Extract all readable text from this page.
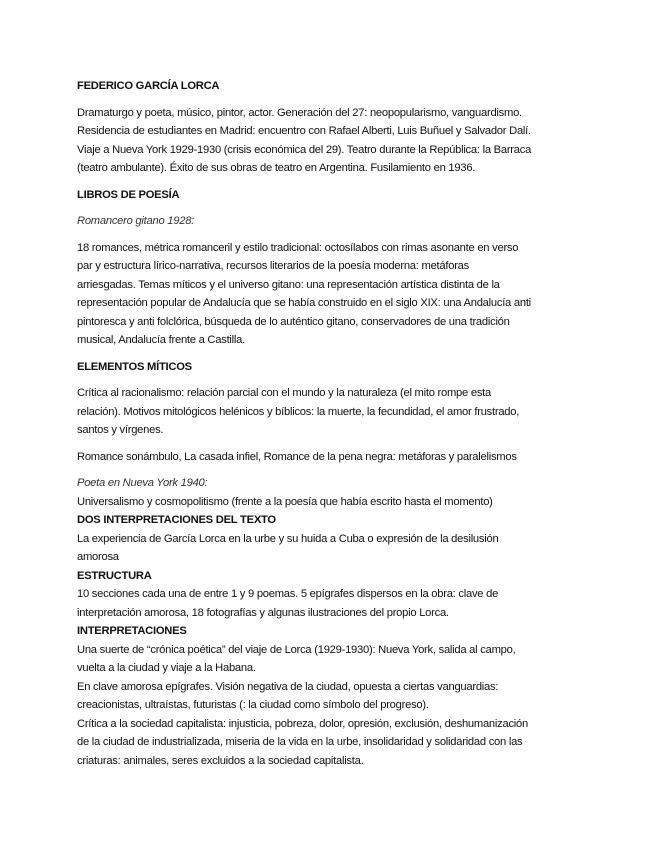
FEDERICO GARCÍA LORCA

Dramaturgo y poeta, músico, pintor, actor. Generación del 27: neopopularismo, vanguardismo.

Residencia de estudiantes en Madrid: encuentro con Rafael Alberti, Luis Buñuel y Salvador Dalí.

Viaje a Nueva York 1929-1930 (crisis económica del 29). Teatro durante la República: la Barraca

(teatro ambulante). Éxito de sus obras de teatro en Argentina. Fusilamiento en 1936.

LIBROS DE POESÍA

Romancero gitano 1928:

18 romances, métrica romanceril y estilo tradicional: octosílabos con rimas asonante en verso

par y estructura lírico-narrativa, recursos literarios de la poesía moderna: metáforas

arriesgadas. Temas míticos y el universo gitano: una representación artística distinta de la

representación popular de Andalucía que se había construido en el siglo XIX: una Andalucía anti

pintoresca y anti folclórica, búsqueda de lo auténtico gitano, conservadores de una tradición

musical, Andalucía frente a Castilla.

ELEMENTOS MÍTICOS

Crítica al racionalismo: relación parcial con el mundo y la naturaleza (el mito rompe esta

relación). Motivos mitológicos helénicos y bíblicos: la muerte, la fecundidad, el amor frustrado,

santos y vírgenes.

Romance sonámbulo, La casada infiel, Romance de la pena negra: metáforas y paralelismos

Poeta en Nueva York 1940:

Universalismo y cosmopolitismo (frente a la poesía que había escrito hasta el momento)

DOS INTERPRETACIONES DEL TEXTO

La experiencia de García Lorca en la urbe y su huida a Cuba o expresión de la desilusión

amorosa

ESTRUCTURA

10 secciones cada una de entre 1 y 9 poemas. 5 epígrafes dispersos en la obra: clave de

interpretación amorosa, 18 fotografías y algunas ilustraciones del propio Lorca.

INTERPRETACIONES

Una suerte de “crónica poética” del viaje de Lorca (1929-1930): Nueva York, salida al campo,

vuelta a la ciudad y viaje a la Habana.

En clave amorosa epígrafes. Visión negativa de la ciudad, opuesta a ciertas vanguardias:

creacionistas, ultraístas, futuristas (: la ciudad como símbolo del progreso).

Crítica a la sociedad capitalista: injusticia, pobreza, dolor, opresión, exclusión, deshumanización

de la ciudad de industrializada, miseria de la vida en la urbe, insolidaridad y solidaridad con las

criaturas: animales, seres excluidos a la sociedad capitalista.
